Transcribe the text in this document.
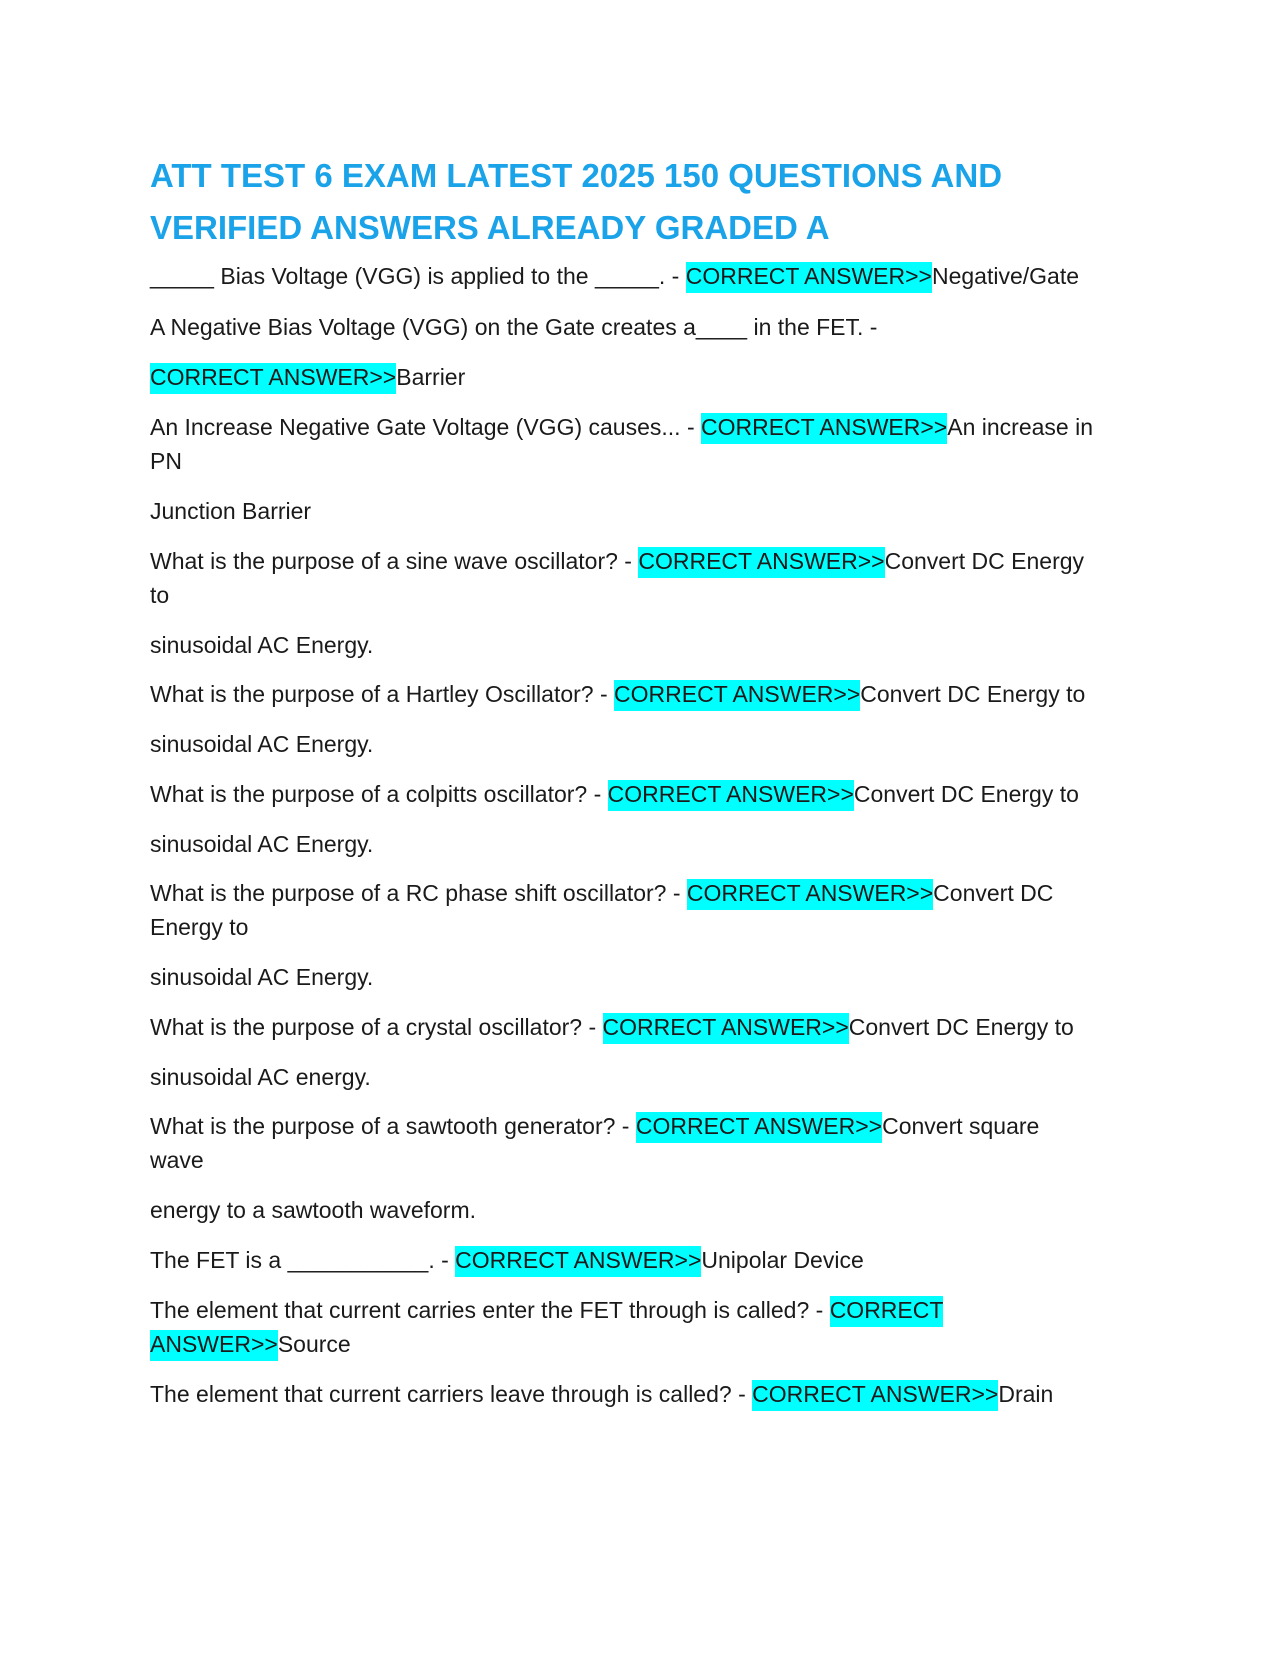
ATT TEST 6 EXAM LATEST 2025 150 QUESTIONS AND
VERIFIED ANSWERS ALREADY GRADED A

_____ Bias Voltage (VGG) is applied to the _____. - CORRECT ANSWER>>Negative/Gate

A Negative Bias Voltage (VGG) on the Gate creates a____ in the FET. -

CORRECT ANSWER>>Barrier

An Increase Negative Gate Voltage (VGG) causes... - CORRECT ANSWER>>An increase in

PN

Junction Barrier

What is the purpose of a sine wave oscillator? - CORRECT ANSWER>>Convert DC Energy

to

sinusoidal AC Energy.

What is the purpose of a Hartley Oscillator? - CORRECT ANSWER>>Convert DC Energy to

sinusoidal AC Energy.

What is the purpose of a colpitts oscillator? - CORRECT ANSWER>>Convert DC Energy to

sinusoidal AC Energy.

What is the purpose of a RC phase shift oscillator? - CORRECT ANSWER>>Convert DC

Energy to

sinusoidal AC Energy.

What is the purpose of a crystal oscillator? - CORRECT ANSWER>>Convert DC Energy to

sinusoidal AC energy.

What is the purpose of a sawtooth generator? - CORRECT ANSWER>>Convert square

wave

energy to a sawtooth waveform.

The FET is a ___________. - CORRECT ANSWER>>Unipolar Device

The element that current carries enter the FET through is called? - CORRECT

ANSWER>>Source

The element that current carriers leave through is called? - CORRECT ANSWER>>Drain
